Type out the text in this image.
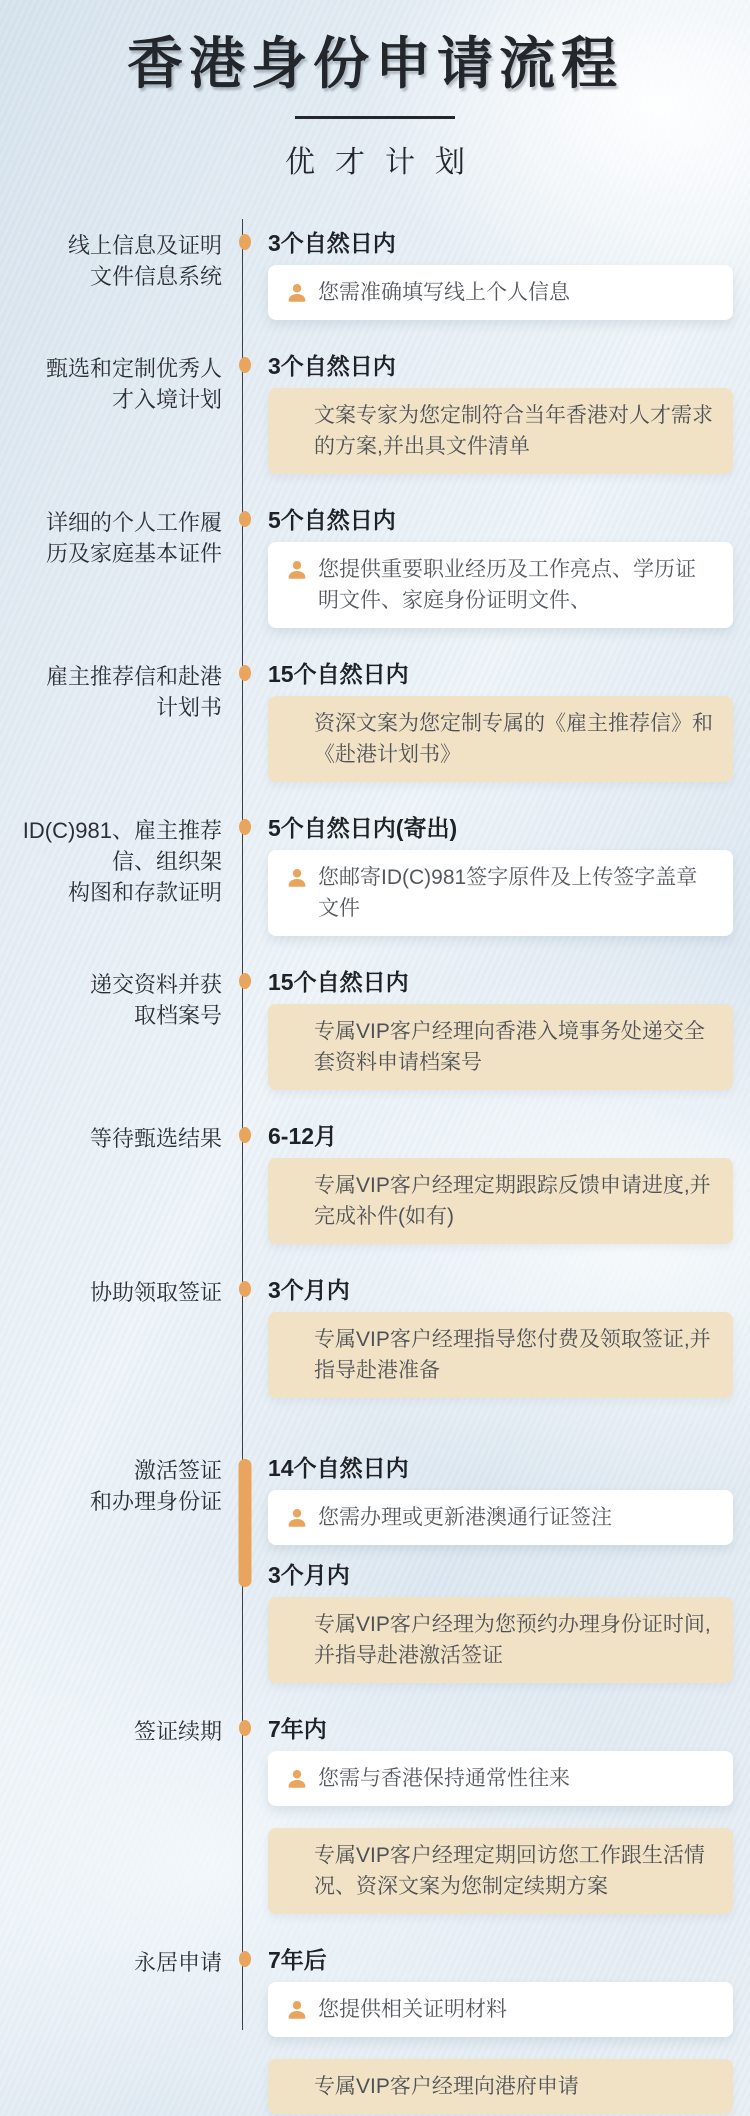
香港身份申请流程
优才计划
线上信息及证明
文件信息系统
3个自然日内

您需准确填写线上个人信息

甄选和定制优秀人
才入境计划
3个自然日内

文案专家为您定制符合当年香港对人才需求的方案,并出具文件清单

详细的个人工作履
历及家庭基本证件
5个自然日内

您提供重要职业经历及工作亮点、学历证明文件、家庭身份证明文件、

雇主推荐信和赴港
计划书
15个自然日内

资深文案为您定制专属的《雇主推荐信》和《赴港计划书》

ID(C)981、雇主推荐
信、组织架
构图和存款证明
5个自然日内(寄出)

您邮寄ID(C)981签字原件及上传签字盖章文件

递交资料并获
取档案号
15个自然日内

专属VIP客户经理向香港入境事务处递交全套资料申请档案号

等待甄选结果 6-12月

专属VIP客户经理定期跟踪反馈申请进度,并完成补件(如有)

协助领取签证 3个月内

专属VIP客户经理指导您付费及领取签证,并指导赴港准备

激活签证
和办理身份证
14个自然日内

您需办理或更新港澳通行证签注

3个月内

专属VIP客户经理为您预约办理身份证时间,并指导赴港激活签证

签证续期 7年内

您需与香港保持通常性往来

专属VIP客户经理定期回访您工作跟生活情况、资深文案为您制定续期方案

永居申请 7年后

您提供相关证明材料

专属VIP客户经理向港府申请
